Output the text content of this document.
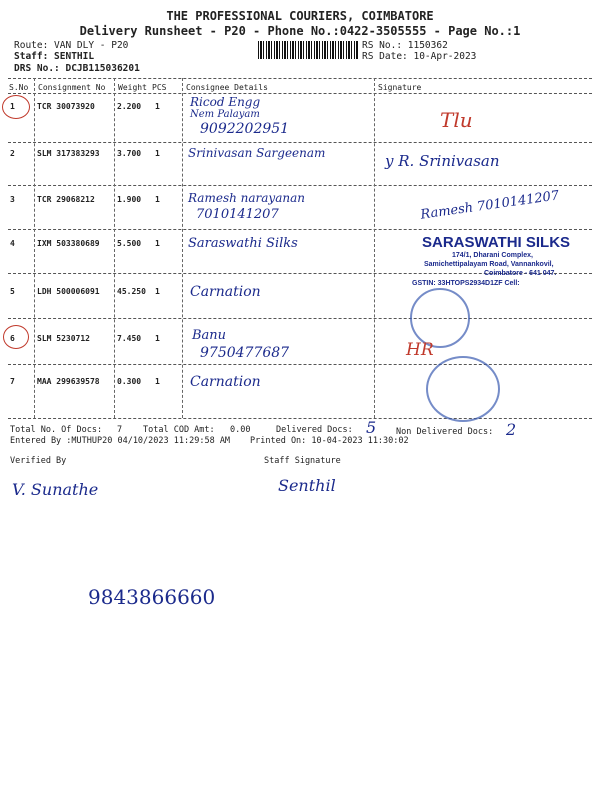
THE PROFESSIONAL COURIERS, COIMBATORE
Delivery Runsheet - P20 - Phone No.:0422-3505555 - Page No.:1
Route: VAN DLY - P20
Staff: SENTHIL
DRS No.: DCJB115036201
RS No.: 1150362
RS Date: 10-Apr-2023
S.No Consignment No Weight PCS Consignee Details	Signature
1	TCR 30073920	2.200 1	Ricod Engg
Nem Palayam
9092202951	Tlu
2	SLM 317383293 3.700 1 Srinivasan Sargeenam	y R. Srinivasan
3	TCR 29068212	1.900 1 Ramesh narayanan
7010141207	Ramesh 7010141207
4	IXM 503380689 5.500 1 Saraswathi Silks	SARASWATHI SILKS
174/1, Dharani Complex,
Samichettipalayam Road, Vannankovil,
Coimbatore - 641 047.
GSTIN: 33HTOPS2934D1ZF Cell:
5	LDH 500006091 45.250 1 Carnation
6	SLM 5230712	7.450 1 Banu
9750477687	HR
7	MAA 299639578 0.300 1 Carnation
Total No. Of Docs: 7 Total COD Amt: 0.00	Delivered Docs: 5 Non Delivered Docs: 2
Entered By :MUTHUP20 04/10/2023 11:29:58 AM Printed On: 10-04-2023 11:30:02
Verified By	Staff Signature
V. Sunathe	Senthil
9843866660
